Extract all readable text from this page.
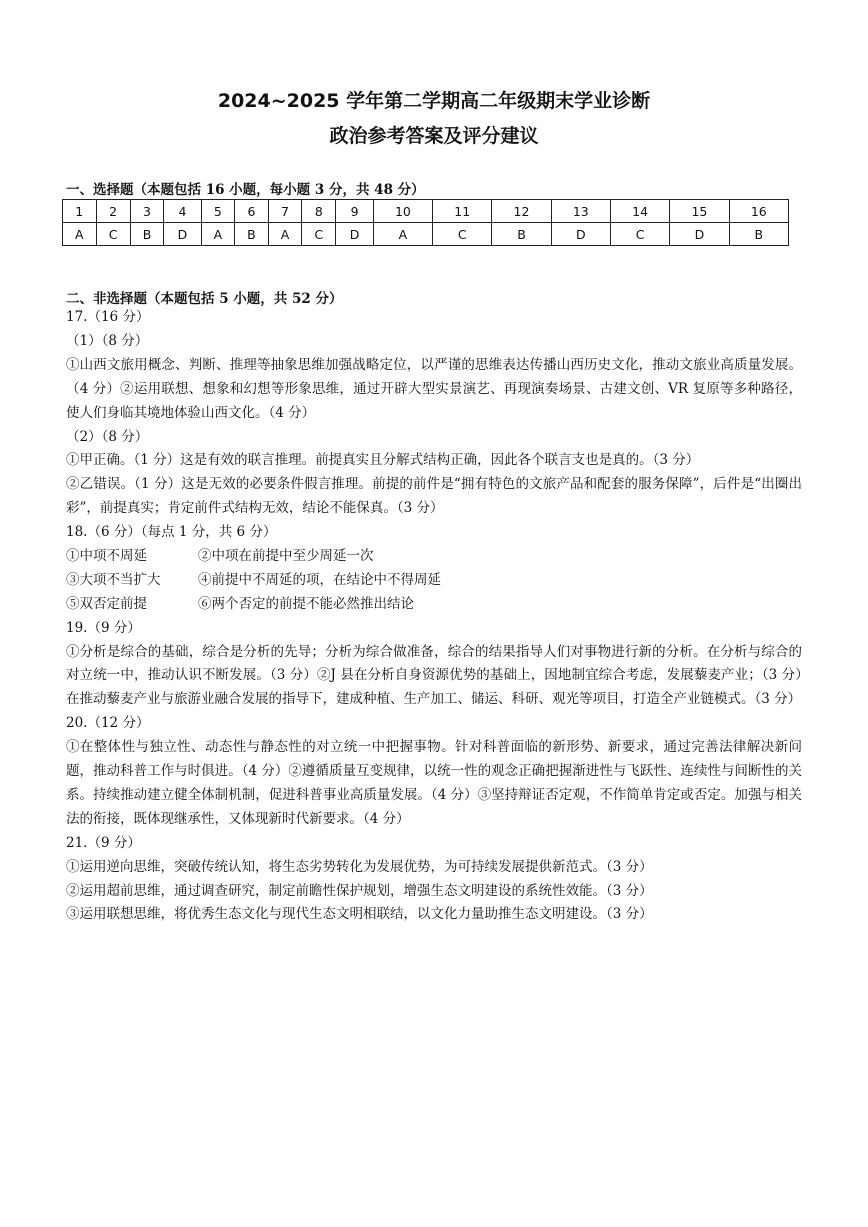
2024~2025 学年第二学期高二年级期末学业诊断
政治参考答案及评分建议
一、选择题（本题包括 16 小题，每小题 3 分，共 48 分）
1	2	3	4	5	6	7	8	9	10	11	12	13	14	15	16
A	C	B	D	A	B	A	C	D	A	C	B	D	C	D	B
二、非选择题（本题包括 5 小题，共 52 分）
17.（16 分）
（1）（8 分）
①山西文旅用概念、判断、推理等抽象思维加强战略定位，以严谨的思维表达传播山西历史文化，推动文旅业高质量发展。（4 分）②运用联想、想象和幻想等形象思维，通过开辟大型实景演艺、再现演奏场景、古建文创、VR 复原等多种路径，使人们身临其境地体验山西文化。（4 分）
（2）（8 分）
①甲正确。（1 分）这是有效的联言推理。前提真实且分解式结构正确，因此各个联言支也是真的。（3 分）
②乙错误。（1 分）这是无效的必要条件假言推理。前提的前件是“拥有特色的文旅产品和配套的服务保障”，后件是“出圈出彩”，前提真实；肯定前件式结构无效，结论不能保真。（3 分）
18.（6 分）（每点 1 分，共 6 分）
①中项不周延	②中项在前提中至少周延一次
③大项不当扩大	④前提中不周延的项，在结论中不得周延
⑤双否定前提	⑥两个否定的前提不能必然推出结论
19.（9 分）
①分析是综合的基础，综合是分析的先导；分析为综合做准备，综合的结果指导人们对事物进行新的分析。在分析与综合的对立统一中，推动认识不断发展。（3 分）②J 县在分析自身资源优势的基础上，因地制宜综合考虑，发展藜麦产业；（3 分）在推动藜麦产业与旅游业融合发展的指导下，建成种植、生产加工、储运、科研、观光等项目，打造全产业链模式。（3 分）
20.（12 分）
①在整体性与独立性、动态性与静态性的对立统一中把握事物。针对科普面临的新形势、新要求，通过完善法律解决新问题，推动科普工作与时俱进。（4 分）②遵循质量互变规律，以统一性的观念正确把握渐进性与飞跃性、连续性与间断性的关系。持续推动建立健全体制机制，促进科普事业高质量发展。（4 分）③坚持辩证否定观，不作简单肯定或否定。加强与相关法的衔接，既体现继承性，又体现新时代新要求。（4 分）
21.（9 分）
①运用逆向思维，突破传统认知，将生态劣势转化为发展优势，为可持续发展提供新范式。（3 分）
②运用超前思维，通过调查研究，制定前瞻性保护规划，增强生态文明建设的系统性效能。（3 分）
③运用联想思维，将优秀生态文化与现代生态文明相联结，以文化力量助推生态文明建设。（3 分）
